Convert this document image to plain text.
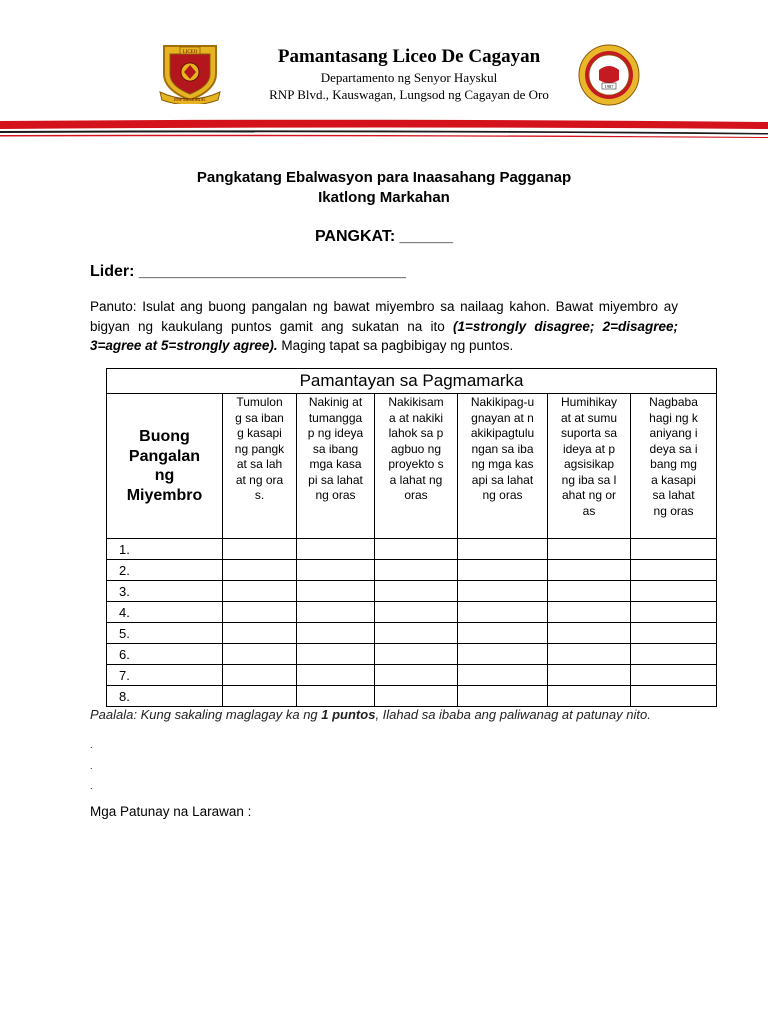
LICEO
RNP MEMORIAL
Pamantasang Liceo De Cagayan
Departamento ng Senyor Hayskul
RNP Blvd., Kauswagan, Lungsod ng Cagayan de Oro
1987
Pangkatang Ebalwasyon para Inaasahang Pagganap
Ikatlong Markahan
PANGKAT: ______
Lider: ______________________________
Panuto: Isulat ang buong pangalan ng bawat miyembro sa nailaag kahon. Bawat miyembro ay bigyan ng kaukulang puntos gamit ang sukatan na ito (1=strongly disagree; 2=disagree; 3=agree at 5=strongly agree). Maging tapat sa pagbibigay ng puntos.
Pamantayan sa Pagmamarka						

Buong Pangalan ng Miyembro	Tumulong sa ibang kasapi ng pangkat sa lahat ng oras.	Nakinig at tumanggap ng ideya sa ibang mga kasapi sa lahat ng oras	Nakikisama at nakikilahok sa pagbuo ng proyekto sa lahat ng oras	Nakikipag-ugnayan at nakikipagtulungan sa ibang mga kasapi sa lahat ng oras	Humihikayat at sumusuporta sa ideya at pagsisikap ng iba sa lahat ng oras	Nagbabahagi ng kaniyang ideya sa ibang mga kasapi sa lahat ng oras

1.						
2.						
3.						
4.						
5.						
6.						
7.						
8.						
Paalala: Kung sakaling maglagay ka ng 1 puntos, Ilahad sa ibaba ang paliwanag at patunay nito.
.
.
.
Mga Patunay na Larawan :
